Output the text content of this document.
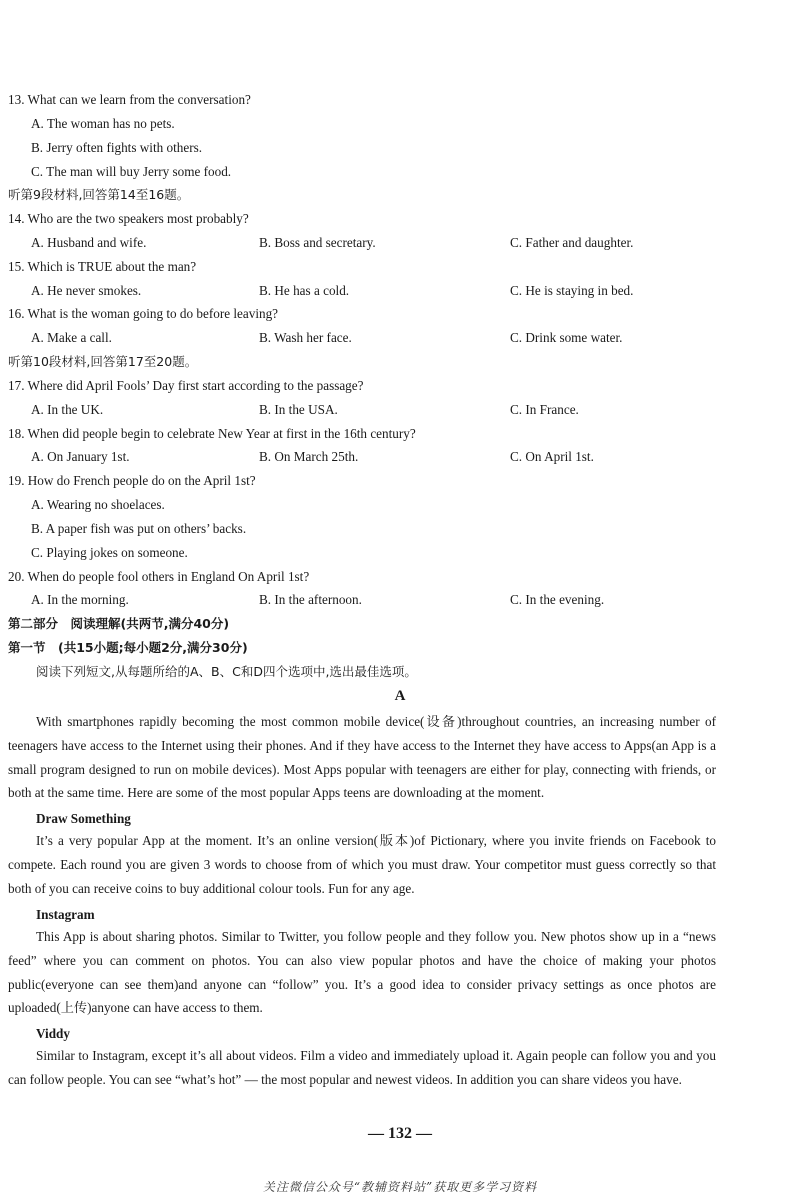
13. What can we learn from the conversation?
A. The woman has no pets.
B. Jerry often fights with others.
C. The man will buy Jerry some food.
听第9段材料,回答第14至16题。
14. Who are the two speakers most probably?
A. Husband and wife.	B. Boss and secretary.	C. Father and daughter.
15. Which is TRUE about the man?
A. He never smokes.	B. He has a cold.	C. He is staying in bed.
16. What is the woman going to do before leaving?
A. Make a call.	B. Wash her face.	C. Drink some water.
听第10段材料,回答第17至20题。
17. Where did April Fools’ Day first start according to the passage?
A. In the UK.	B. In the USA.	C. In France.
18. When did people begin to celebrate New Year at first in the 16th century?
A. On January 1st.	B. On March 25th.	C. On April 1st.
19. How do French people do on the April 1st?
A. Wearing no shoelaces.
B. A paper fish was put on others’ backs.
C. Playing jokes on someone.
20. When do people fool others in England On April 1st?
A. In the morning.	B. In the afternoon.	C. In the evening.
第二部分　阅读理解(共两节,满分40分)
第一节　(共15小题;每小题2分,满分30分)
阅读下列短文,从每题所给的A、B、C和D四个选项中,选出最佳选项。
A
With smartphones rapidly becoming the most common mobile device(设备)throughout countries, an increasing number of teenagers have access to the Internet using their phones. And if they have access to the Internet they have access to Apps(an App is a small program designed to run on mobile devices). Most Apps popular with teenagers are either for play, connecting with friends, or both at the same time. Here are some of the most popular Apps teens are downloading at the moment.
Draw Something
It’s a very popular App at the moment. It’s an online version(版本)of Pictionary, where you invite friends on Facebook to compete. Each round you are given 3 words to choose from of which you must draw. Your competitor must guess correctly so that both of you can receive coins to buy additional colour tools. Fun for any age.
Instagram
This App is about sharing photos. Similar to Twitter, you follow people and they follow you. New photos show up in a “news feed” where you can comment on photos. You can also view popular photos and have the choice of making your photos public(everyone can see them)and anyone can “follow” you. It’s a good idea to consider privacy settings as once photos are uploaded(上传)anyone can have access to them.
Viddy
Similar to Instagram, except it’s all about videos. Film a video and immediately upload it. Again people can follow you and you can follow people. You can see “what’s hot” — the most popular and newest videos. In addition you can share videos you have.
— 132 —
关注微信公众号“教辅资料站”获取更多学习资料
